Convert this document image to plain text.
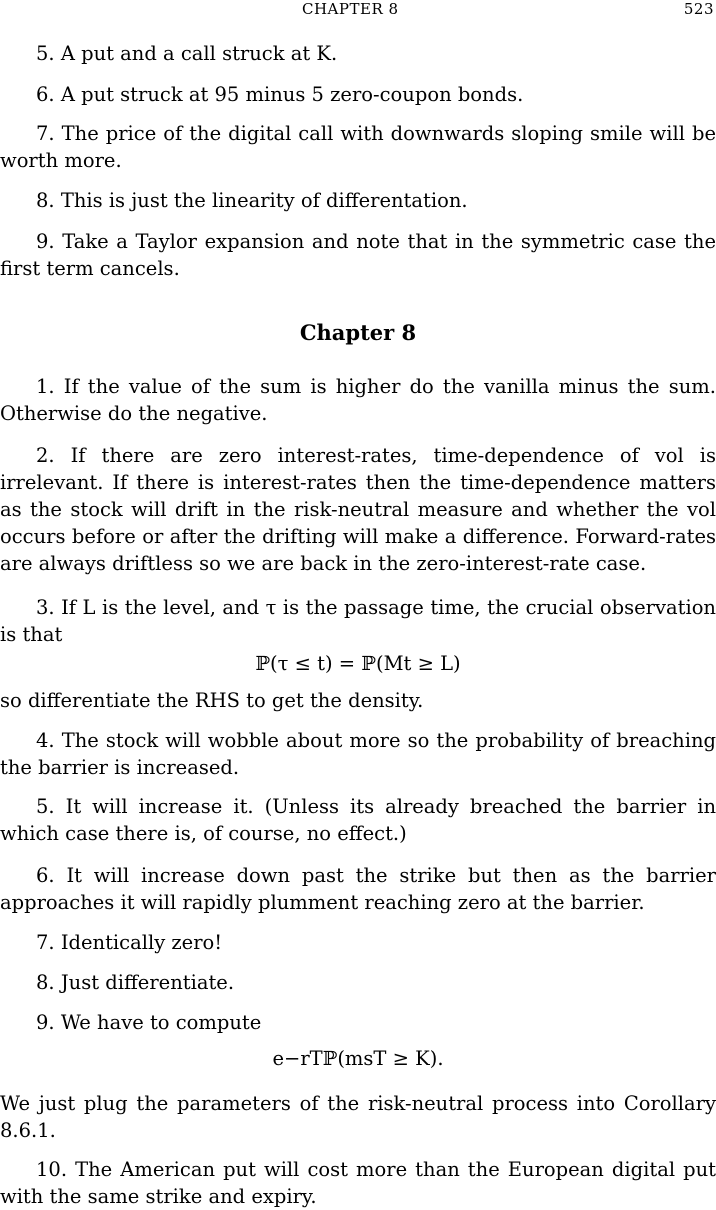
CHAPTER 8	523

5. A put and a call struck at K.

6. A put struck at 95 minus 5 zero-coupon bonds.

7. The price of the digital call with downwards sloping smile will be worth more.

8. This is just the linearity of differentation.

9. Take a Taylor expansion and note that in the symmetric case the first term cancels.

Chapter 8

1. If the value of the sum is higher do the vanilla minus the sum. Otherwise do the negative.

2. If there are zero interest-rates, time-dependence of vol is irrelevant. If there is interest-rates then the time-dependence matters as the stock will drift in the risk-neutral measure and whether the vol occurs before or after the drifting will make a difference. Forward-rates are always driftless so we are back in the zero-interest-rate case.

3. If L is the level, and τ is the passage time, the crucial observation is that

ℙ(τ ≤ t) = ℙ(Mt ≥ L)

so differentiate the RHS to get the density.

4. The stock will wobble about more so the probability of breaching the barrier is increased.

5. It will increase it. (Unless its already breached the barrier in which case there is, of course, no effect.)

6. It will increase down past the strike but then as the barrier approaches it will rapidly plumment reaching zero at the barrier.

7. Identically zero!

8. Just differentiate.

9. We have to compute

e−rTℙ(msT ≥ K).

We just plug the parameters of the risk-neutral process into Corollary 8.6.1.

10. The American put will cost more than the European digital put with the same strike and expiry.
